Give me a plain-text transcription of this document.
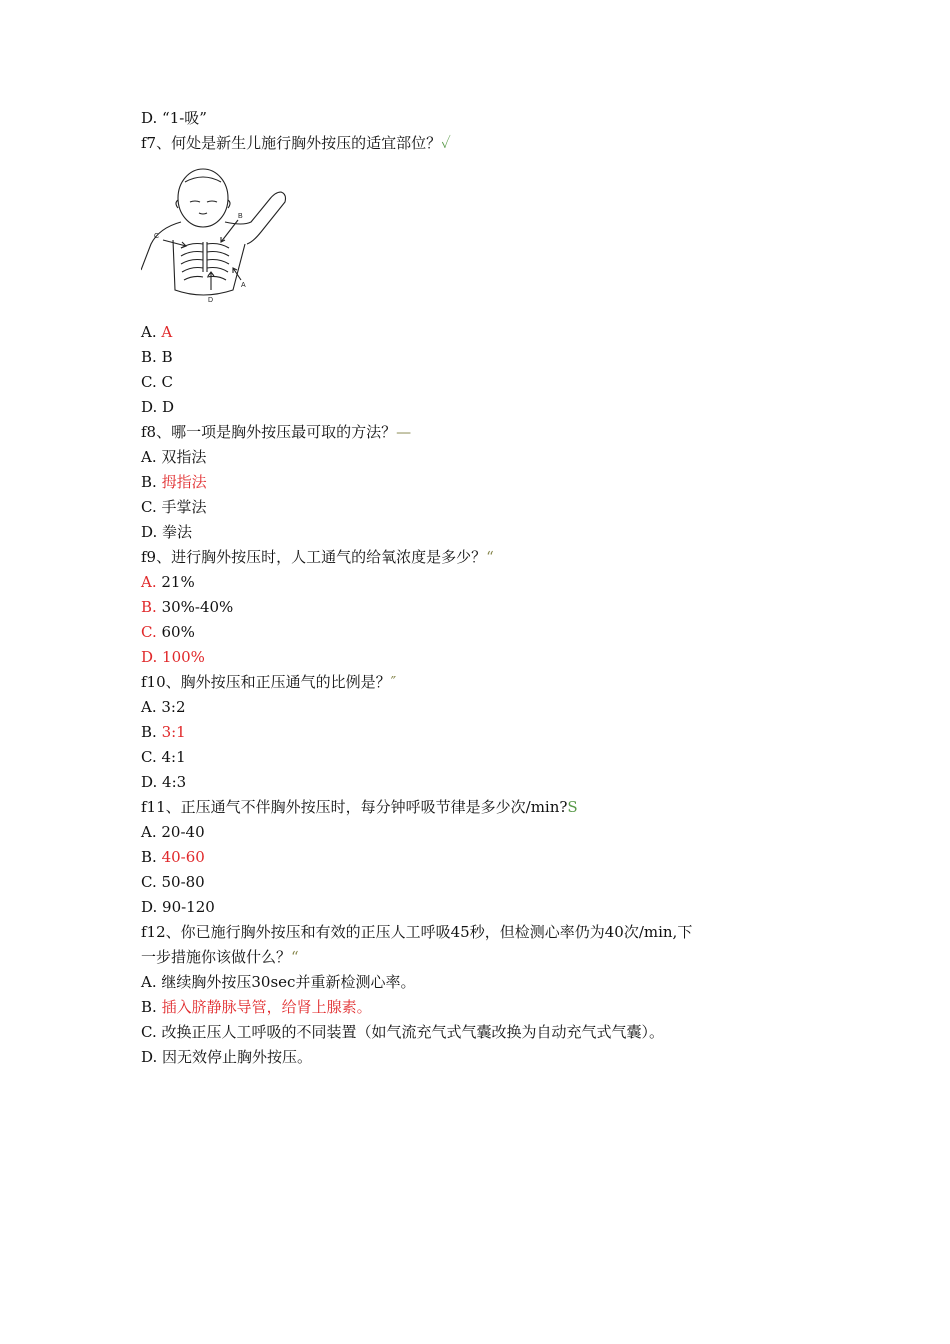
D. “1-吸”
f7、何处是新生儿施行胸外按压的适宜部位？✓
C
B
D
A
A. A
B. B
C. C
D. D
f8、哪一项是胸外按压最可取的方法？—
A. 双指法
B. 拇指法
C. 手掌法
D. 拳法
f9、进行胸外按压时，人工通气的给氧浓度是多少？“
A. 21%
B. 30%-40%
C. 60%
D. 100%
f10、胸外按压和正压通气的比例是？″
A. 3:2
B. 3:1
C. 4:1
D. 4:3
f11、正压通气不伴胸外按压时，每分钟呼吸节律是多少次/min?S
A. 20-40
B. 40-60
C. 50-80
D. 90-120
f12、你已施行胸外按压和有效的正压人工呼吸45秒，但检测心率仍为40次/min,下
一步措施你该做什么？“
A. 继续胸外按压30sec并重新检测心率。
B. 插入脐静脉导管，给肾上腺素。
C. 改换正压人工呼吸的不同装置（如气流充气式气囊改换为自动充气式气囊）。
D. 因无效停止胸外按压。
